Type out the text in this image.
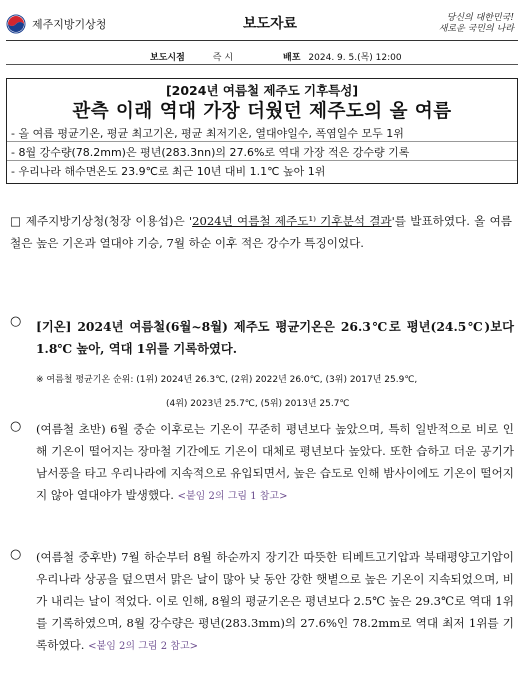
제주지방기상청	보도자료	당신의 대한민국!
새로운 국민의 나라
보도시점	즉 시	배포 2024. 9. 5.(목) 12:00
[2024년 여름철 제주도 기후특성]
관측 이래 역대 가장 더웠던 제주도의 올 여름
- 올 여름 평균기온, 평균 최고기온, 평균 최저기온, 열대야일수, 폭염일수 모두 1위
- 8월 강수량(78.2mm)은 평년(283.3nn)의 27.6%로 역대 가장 적은 강수량 기록
- 우리나라 해수면온도 23.9℃로 최근 10년 대비 1.1℃ 높아 1위
□ 제주지방기상청(청장 이용섭)은 '2024년 여름철 제주도¹⁾ 기후분석 결과'를 발표하였다. 올 여름철은 높은 기온과 열대야 기승, 7월 하순 이후 적은 강수가 특징이었다.
○ [기온] 2024년 여름철(6월~8월) 제주도 평균기온은 26.3℃로 평년(24.5℃)보다 1.8℃ 높아, 역대 1위를 기록하였다.
※ 여름철 평균기온 순위: (1위) 2024년 26.3℃, (2위) 2022년 26.0℃, (3위) 2017년 25.9℃,
(4위) 2023년 25.7℃, (5위) 2013년 25.7℃
○ (여름철 초반) 6월 중순 이후로는 기온이 꾸준히 평년보다 높았으며, 특히 일반적으로 비로 인해 기온이 떨어지는 장마철 기간에도 기온이 대체로 평년보다 높았다. 또한 습하고 더운 공기가 남서풍을 타고 우리나라에 지속적으로 유입되면서, 높은 습도로 인해 밤사이에도 기온이 떨어지지 않아 열대야가 발생했다. <붙임 2의 그림 1 참고>
○ (여름철 중후반) 7월 하순부터 8월 하순까지 장기간 따뜻한 티베트고기압과 북태평양고기압이 우리나라 상공을 덮으면서 맑은 날이 많아 낮 동안 강한 햇볕으로 높은 기온이 지속되었으며, 비가 내리는 날이 적었다. 이로 인해, 8월의 평균기온은 평년보다 2.5℃ 높은 29.3℃로 역대 1위를 기록하였으며, 8월 강수량은 평년(283.3mm)의 27.6%인 78.2mm로 역대 최저 1위를 기록하였다. <붙임 2의 그림 2 참고>
